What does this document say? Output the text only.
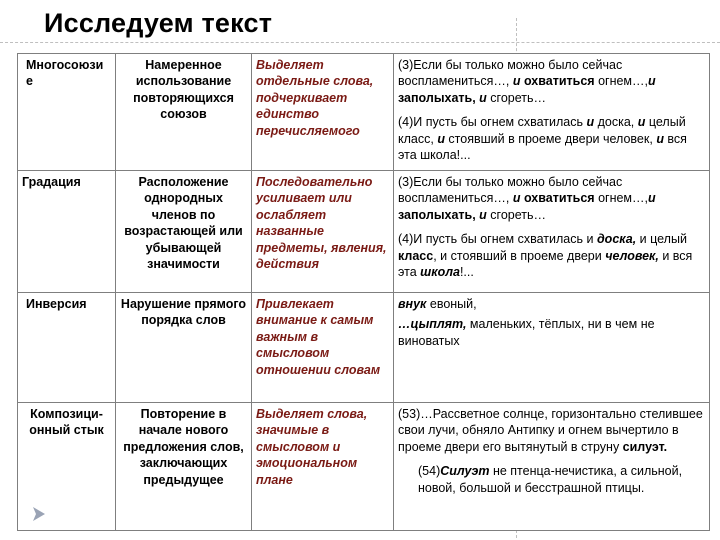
Исследуем текст
Многосоюзи е	Намеренное использование повторяющихся союзов	Выделяет отдельные слова, подчеркивает единство перечисляемого	(3)Если бы только можно было сейчас воспламениться…, и охватиться огнем…,и заполыхать, и сгореть…

(4)И пусть бы огнем схватилась и доска, и целый класс, и стоявший в проеме двери человек, и вся эта школа!...

Градация	Расположение однородных членов по возрастающей или убывающей значимости	Последовательно усиливает или ослабляет названные предметы, явления, действия	(3)Если бы только можно было сейчас воспламениться…, и охватиться огнем…,и заполыхать, и сгореть…

(4)И пусть бы огнем схватилась и доска, и целый класс, и стоявший в проеме двери человек, и вся эта школа!...

Инверсия	Нарушение прямого порядка слов	Привлекает внимание к самым важным в смысловом отношении словам	внук евоный,

…цыплят, маленьких, тёплых, ни в чем не виноватых

Композици-онный стык	Повторение в начале нового предложения слов, заключающих предыдущее	Выделяет слова, значимые в смысловом и эмоциональном плане	(53)…Рассветное солнце, горизонтально стелившее свои лучи, обняло Антипку и огнем вычертило в проеме двери его вытянутый в струну силуэт.

(54)Силуэт не птенца-нечистика, а сильной, новой, большой и бесстрашной птицы.
